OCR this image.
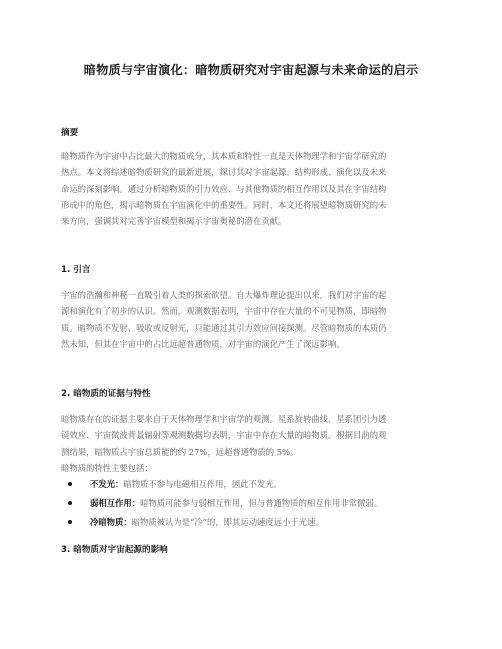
暗物质与宇宙演化：暗物质研究对宇宙起源与未来命运的启示
摘要
暗物质作为宇宙中占比最大的物质成分，其本质和特性一直是天体物理学和宇宙学研究的
热点。本文将综述暗物质研究的最新进展，探讨其对宇宙起源、结构形成、演化以及未来
命运的深刻影响。通过分析暗物质的引力效应、与其他物质的相互作用以及其在宇宙结构
形成中的角色，揭示暗物质在宇宙演化中的重要性。同时，本文还将展望暗物质研究的未
来方向，强调其对完善宇宙模型和揭示宇宙奥秘的潜在贡献。
1. 引言
宇宙的浩瀚和神秘一直吸引着人类的探索欲望。自大爆炸理论提出以来，我们对宇宙的起
源和演化有了初步的认识。然而，观测数据表明，宇宙中存在大量的不可见物质，即暗物
质。暗物质不发射、吸收或反射光，只能通过其引力效应间接探测。尽管暗物质的本质仍
然未知，但其在宇宙中的占比远超普通物质，对宇宙的演化产生了深远影响。
2. 暗物质的证据与特性
暗物质存在的证据主要来自于天体物理学和宇宙学的观测。星系旋转曲线、星系团引力透
镜效应、宇宙微波背景辐射等观测数据均表明，宇宙中存在大量的暗物质。根据目前的观
测结果，暗物质占宇宙总质能的约 27%，远超普通物质的 5%。
暗物质的特性主要包括：
不发光：暗物质不参与电磁相互作用，因此不发光。
弱相互作用：暗物质可能参与弱相互作用，但与普通物质的相互作用非常微弱。
冷暗物质：暗物质被认为是“冷”的，即其运动速度远小于光速。
3. 暗物质对宇宙起源的影响
